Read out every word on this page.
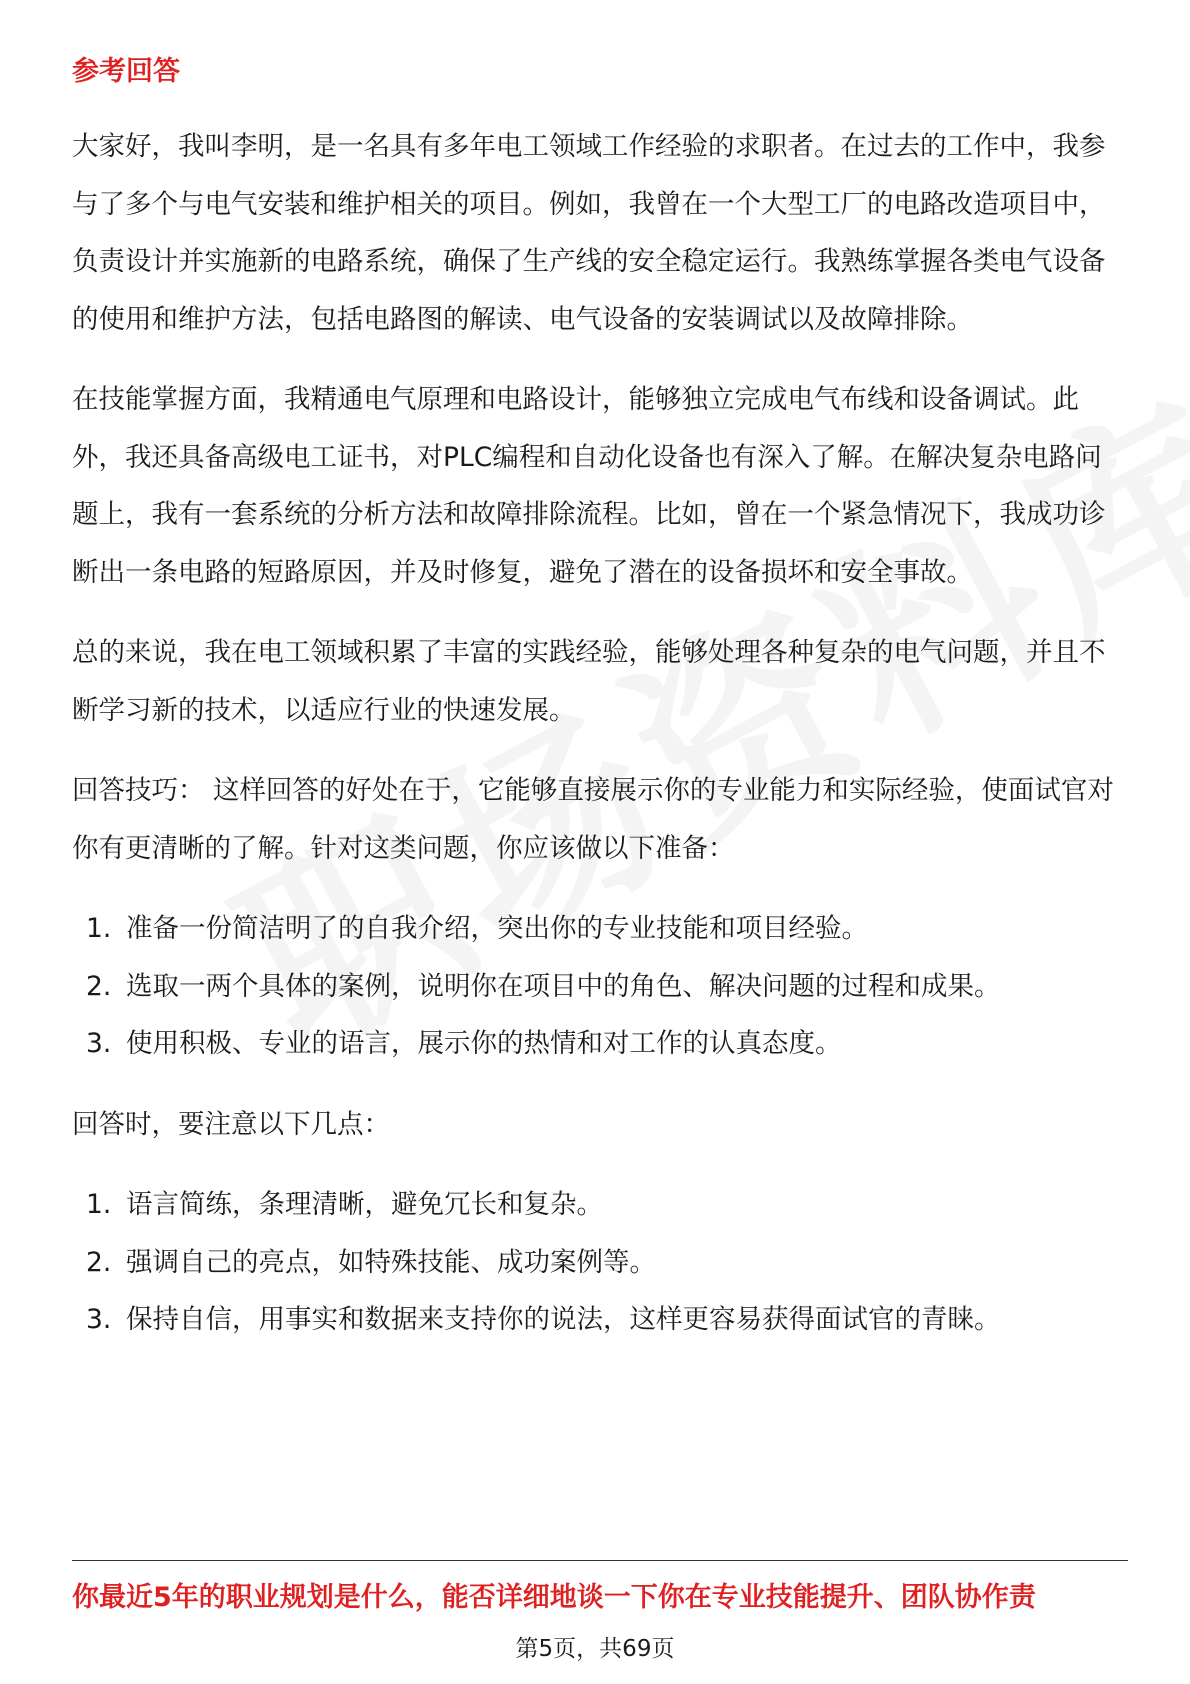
参考回答

大家好，我叫李明，是一名具有多年电工领域工作经验的求职者。在过去的工作中，我参与了多个与电气安装和维护相关的项目。例如，我曾在一个大型工厂的电路改造项目中，负责设计并实施新的电路系统，确保了生产线的安全稳定运行。我熟练掌握各类电气设备的使用和维护方法，包括电路图的解读、电气设备的安装调试以及故障排除。

在技能掌握方面，我精通电气原理和电路设计，能够独立完成电气布线和设备调试。此外，我还具备高级电工证书，对PLC编程和自动化设备也有深入了解。在解决复杂电路问题上，我有一套系统的分析方法和故障排除流程。比如，曾在一个紧急情况下，我成功诊断出一条电路的短路原因，并及时修复，避免了潜在的设备损坏和安全事故。

总的来说，我在电工领域积累了丰富的实践经验，能够处理各种复杂的电气问题，并且不断学习新的技术，以适应行业的快速发展。

回答技巧： 这样回答的好处在于，它能够直接展示你的专业能力和实际经验，使面试官对你有更清晰的了解。针对这类问题，你应该做以下准备：

1. 准备一份简洁明了的自我介绍，突出你的专业技能和项目经验。
2. 选取一两个具体的案例，说明你在项目中的角色、解决问题的过程和成果。
3. 使用积极、专业的语言，展示你的热情和对工作的认真态度。

回答时，要注意以下几点：

1. 语言简练，条理清晰，避免冗长和复杂。
2. 强调自己的亮点，如特殊技能、成功案例等。
3. 保持自信，用事实和数据来支持你的说法，这样更容易获得面试官的青睐。
你最近5年的职业规划是什么，能否详细地谈一下你在专业技能提升、团队协作责
第5页，共69页
